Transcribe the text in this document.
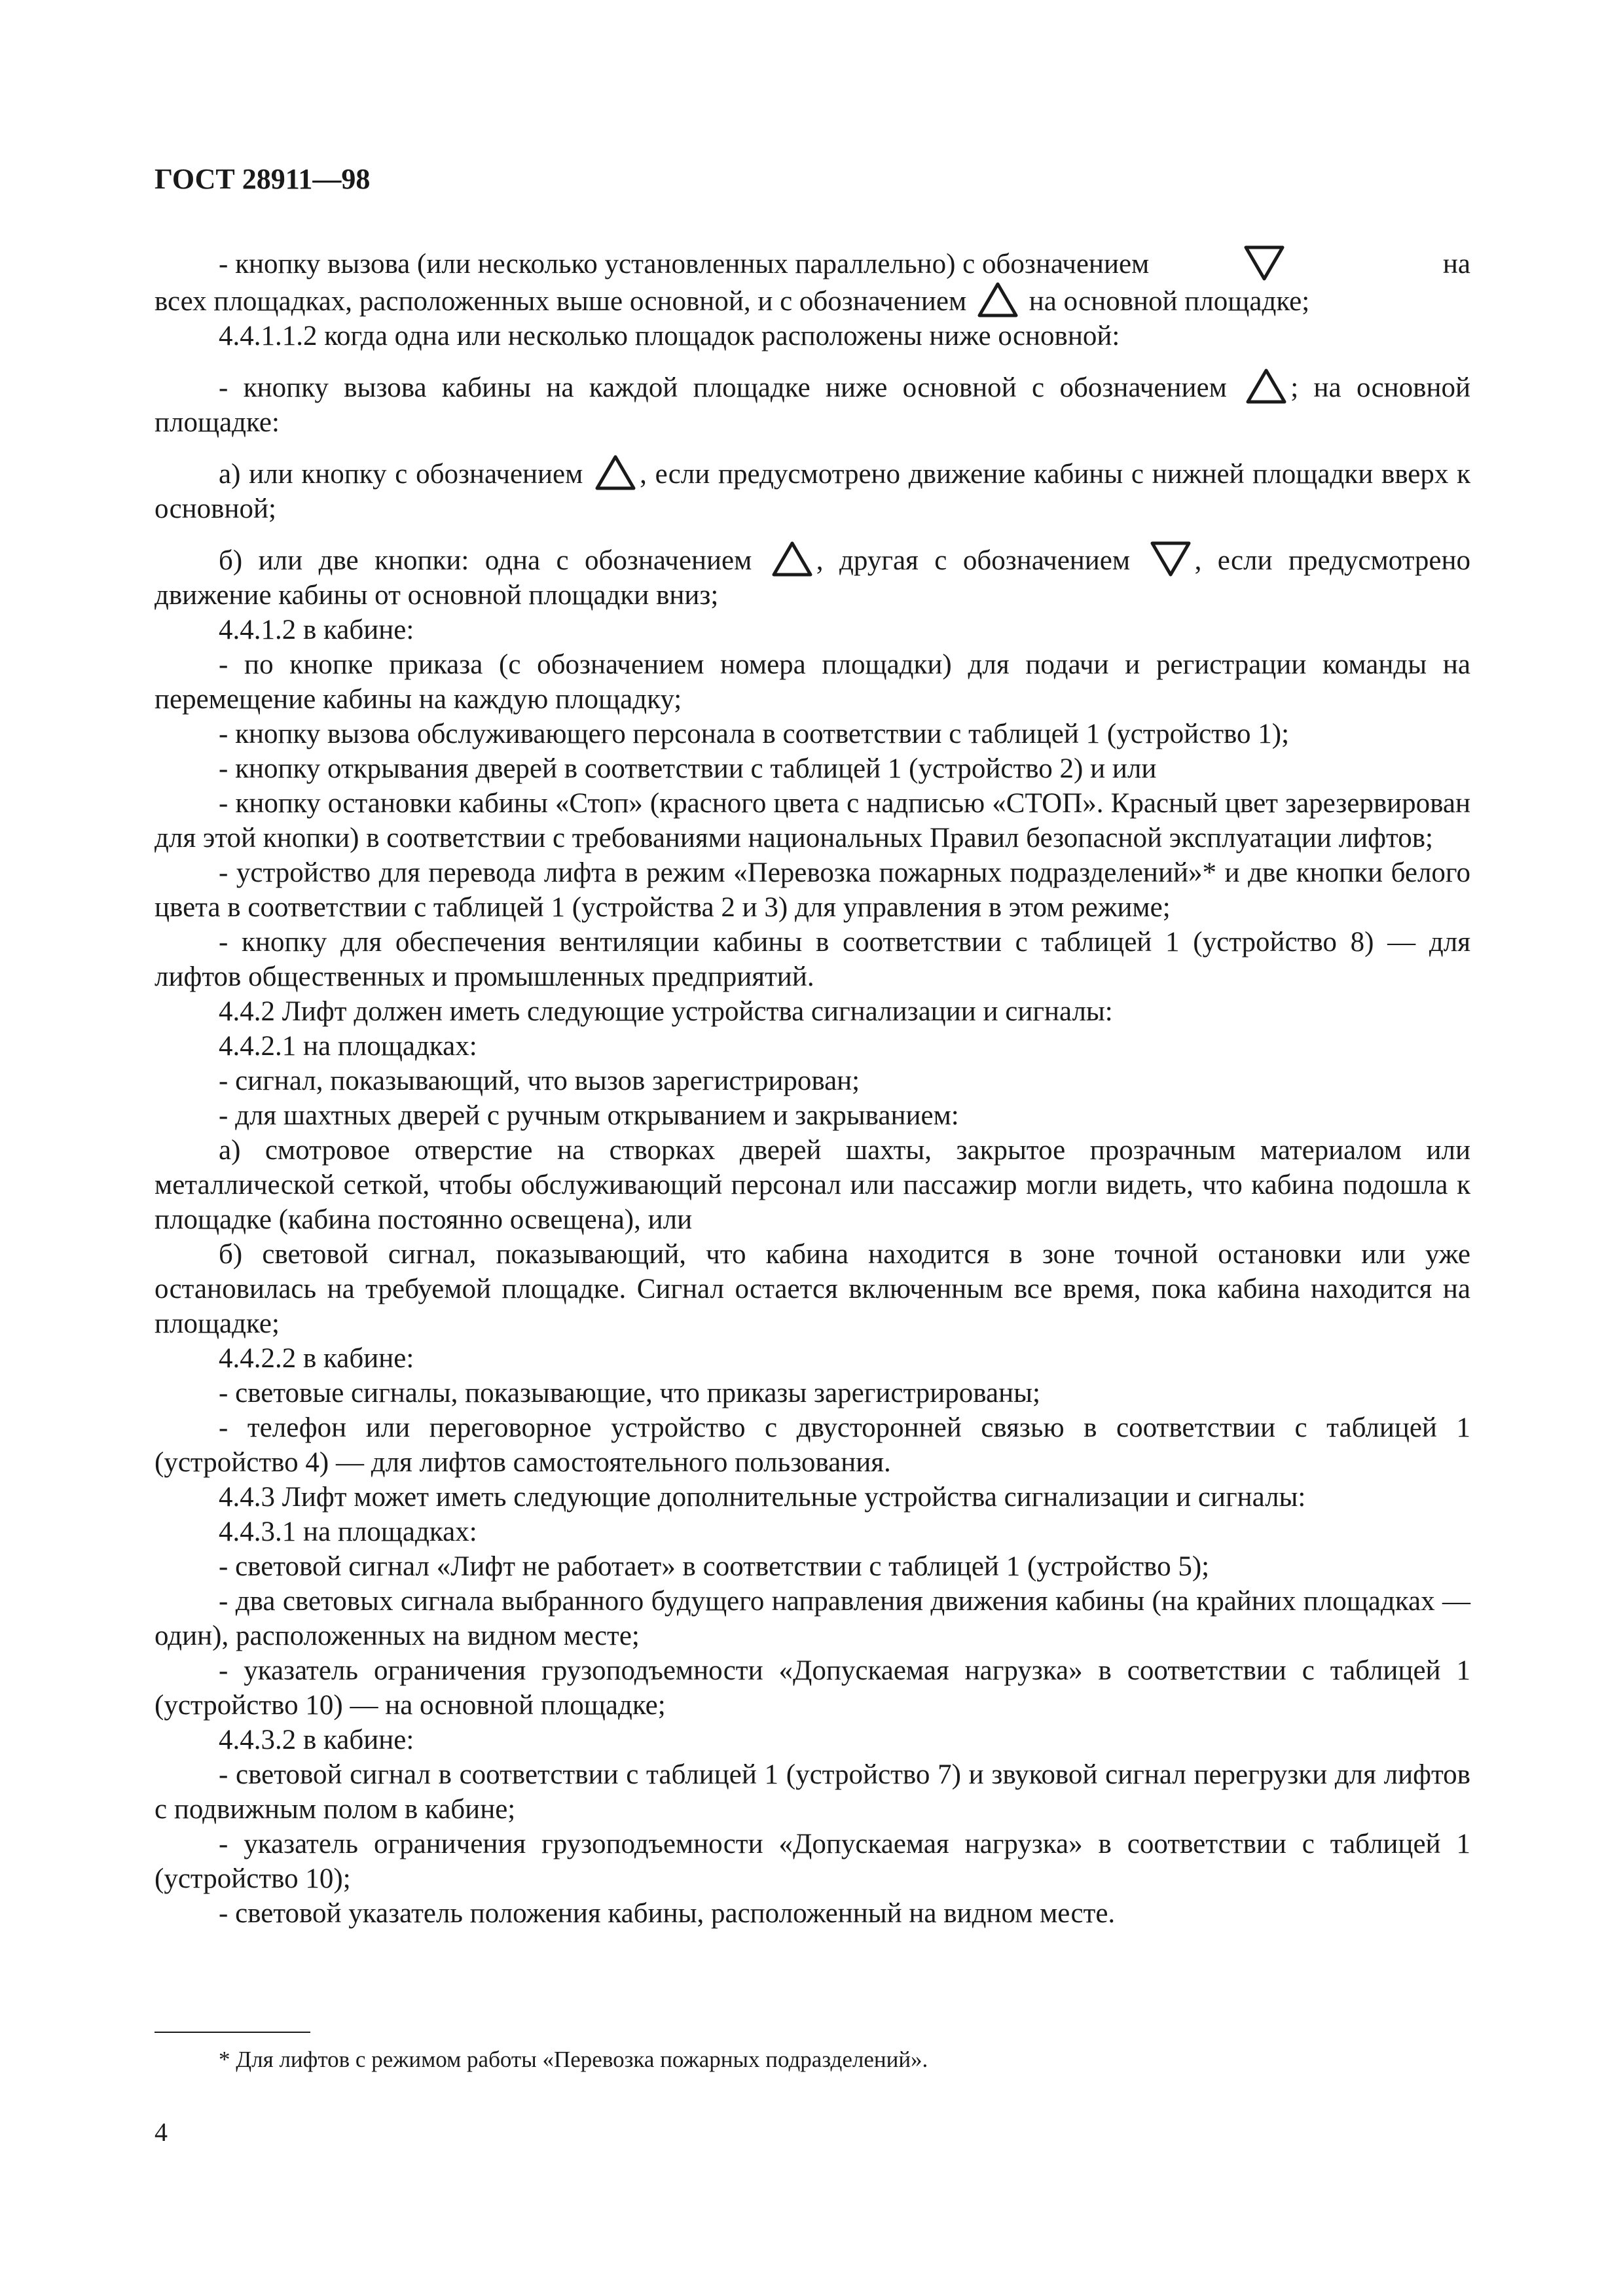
ГОСТ 28911—98
- кнопку вызова (или несколько установленных параллельно) с обозначением	на

всех площадках, расположенных выше основной, и с обозначением на основной площадке;

4.4.1.1.2 когда одна или несколько площадок расположены ниже основной:

- кнопку вызова кабины на каждой площадке ниже основной с обозначением ; на основной площадке:

а) или кнопку с обозначением , если предусмотрено движение кабины с нижней площадки вверх к основной;

б) или две кнопки: одна с обозначением , другая с обозначением , если предусмотрено движение кабины от основной площадки вниз;

4.4.1.2 в кабине:

- по кнопке приказа (с обозначением номера площадки) для подачи и регистрации команды на перемещение кабины на каждую площадку;

- кнопку вызова обслуживающего персонала в соответствии с таблицей 1 (устройство 1);

- кнопку открывания дверей в соответствии с таблицей 1 (устройство 2) и или

- кнопку остановки кабины «Стоп» (красного цвета с надписью «СТОП». Красный цвет зарезервирован для этой кнопки) в соответствии с требованиями национальных Правил безопасной эксплуатации лифтов;

- устройство для перевода лифта в режим «Перевозка пожарных подразделений»* и две кнопки белого цвета в соответствии с таблицей 1 (устройства 2 и 3) для управления в этом режиме;

- кнопку для обеспечения вентиляции кабины в соответствии с таблицей 1 (устройство 8) — для лифтов общественных и промышленных предприятий.

4.4.2 Лифт должен иметь следующие устройства сигнализации и сигналы:

4.4.2.1 на площадках:

- сигнал, показывающий, что вызов зарегистрирован;

- для шахтных дверей с ручным открыванием и закрыванием:

а) смотровое отверстие на створках дверей шахты, закрытое прозрачным материалом или металлической сеткой, чтобы обслуживающий персонал или пассажир могли видеть, что кабина подошла к площадке (кабина постоянно освещена), или

б) световой сигнал, показывающий, что кабина находится в зоне точной остановки или уже остановилась на требуемой площадке. Сигнал остается включенным все время, пока кабина находится на площадке;

4.4.2.2 в кабине:

- световые сигналы, показывающие, что приказы зарегистрированы;

- телефон или переговорное устройство с двусторонней связью в соответствии с таблицей 1 (устройство 4) — для лифтов самостоятельного пользования.

4.4.3 Лифт может иметь следующие дополнительные устройства сигнализации и сигналы:

4.4.3.1 на площадках:

- световой сигнал «Лифт не работает» в соответствии с таблицей 1 (устройство 5);

- два световых сигнала выбранного будущего направления движения кабины (на крайних площадках — один), расположенных на видном месте;

- указатель ограничения грузоподъемности «Допускаемая нагрузка» в соответствии с таблицей 1 (устройство 10) — на основной площадке;

4.4.3.2 в кабине:

- световой сигнал в соответствии с таблицей 1 (устройство 7) и звуковой сигнал перегрузки для лифтов с подвижным полом в кабине;

- указатель ограничения грузоподъемности «Допускаемая нагрузка» в соответствии с таблицей 1 (устройство 10);

- световой указатель положения кабины, расположенный на видном месте.

* Для лифтов с режимом работы «Перевозка пожарных подразделений».
4
